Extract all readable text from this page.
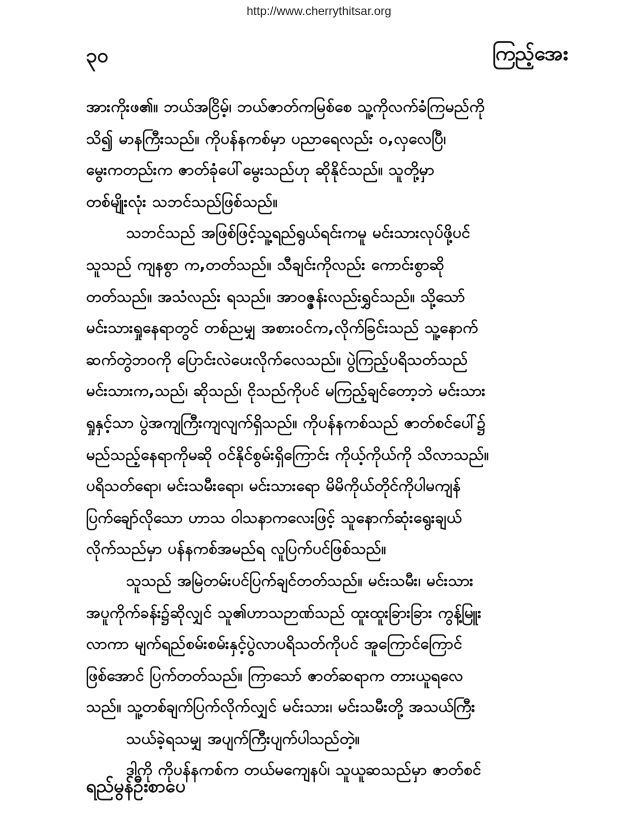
http://www.cherrythitsar.org
၃၀	ကြည့်အေး
အားကိုးဖ၏။ ဘယ်အငြိမ့်၊ ဘယ်ဇာတ်ကမြစ်စေ သူ့ကိုလက်ခံကြမည်ကို
သိ၍ မာနကြီးသည်။ ကိုပန်နကစ်မှာ ပညာရေလည်း ဝ,လှလေပြီ၊
မွေးကတည်းက ဇာတ်ခုံပေါ်မွေးသည်ဟု ဆိုနိုင်သည်။ သူတို့မှာ
တစ်မျိုးလုံး သဘင်သည်ဖြစ်သည်။
သဘင်သည် အဖြစ်ဖြင့်သူ့ရည်ရွယ်ရင်းကမူ မင်းသားလုပ်ဖို့ပင်
သူသည် ကျနစွာ က,တတ်သည်။ သီချင်းကိုလည်း ကောင်းစွာဆို
တတ်သည်။ အသံလည်း ရသည်။ အာဝဇ္ဇန်းလည်းရွှင်သည်။ သို့သော်
မင်းသားရှုနေရာတွင် တစ်ညမျှ အစားဝင်က,လိုက်ခြင်းသည် သူ့နောက်
ဆက်တွဲဘဝကို ပြောင်းလဲပေးလိုက်လေသည်။ ပွဲကြည့်ပရိသတ်သည်
မင်းသားက,သည်၊ ဆိုသည်၊ ငိုသည်ကိုပင် မကြည့်ချင်တော့ဘဲ မင်းသား
ရှုနှင့်သာ ပွဲအကျကြီးကျလျက်ရှိသည်။ ကိုပန်နကစ်သည် ဇာတ်စင်ပေါ်၌
မည်သည့်နေရာကိုမဆို ဝင်နိုင်စွမ်းရှိကြောင်း ကိုယ့်ကိုယ်ကို သိလာသည်။
ပရိသတ်ရော၊ မင်းသမီးရော၊ မင်းသားရော မိမိကိုယ်တိုင်ကိုပါမကျန်
ပြက်ချော်လိုသော ဟာသ ဝါသနာကလေးဖြင့် သူနောက်ဆုံးရွေးချယ်
လိုက်သည်မှာ ပန်နကစ်အမည်ရ လူပြက်ပင်ဖြစ်သည်။
သူသည် အမြဲတမ်းပင်ပြက်ချင်တတ်သည်။ မင်းသမီး၊ မင်းသား
အပူကိုက်ခန်း၌ဆိုလျှင် သူ၏ဟာသဉာဏ်သည် ထူးထူးခြားခြား ကွန့်မြူး
လာကာ မျက်ရည်စမ်းစမ်းနှင့်ပွဲလာပရိသတ်ကိုပင် အူကြောင်ကြောင်
ဖြစ်အောင် ပြက်တတ်သည်။ ကြာသော် ဇာတ်ဆရာက တားယူရလေ
သည်။ သူ့တစ်ချက်ပြက်လိုက်လျှင် မင်းသား၊ မင်းသမီးတို့ အသယ်ကြီး
သယ်ခဲ့ရသမျှ အပျက်ကြီးပျက်ပါသည်တဲ့။
ဒါကို ကိုပန်နကစ်က တယ်မကျေနပ်၊ သူယူဆသည်မှာ ဇာတ်စင်
ရည်မွန်ဦးစာပေ
